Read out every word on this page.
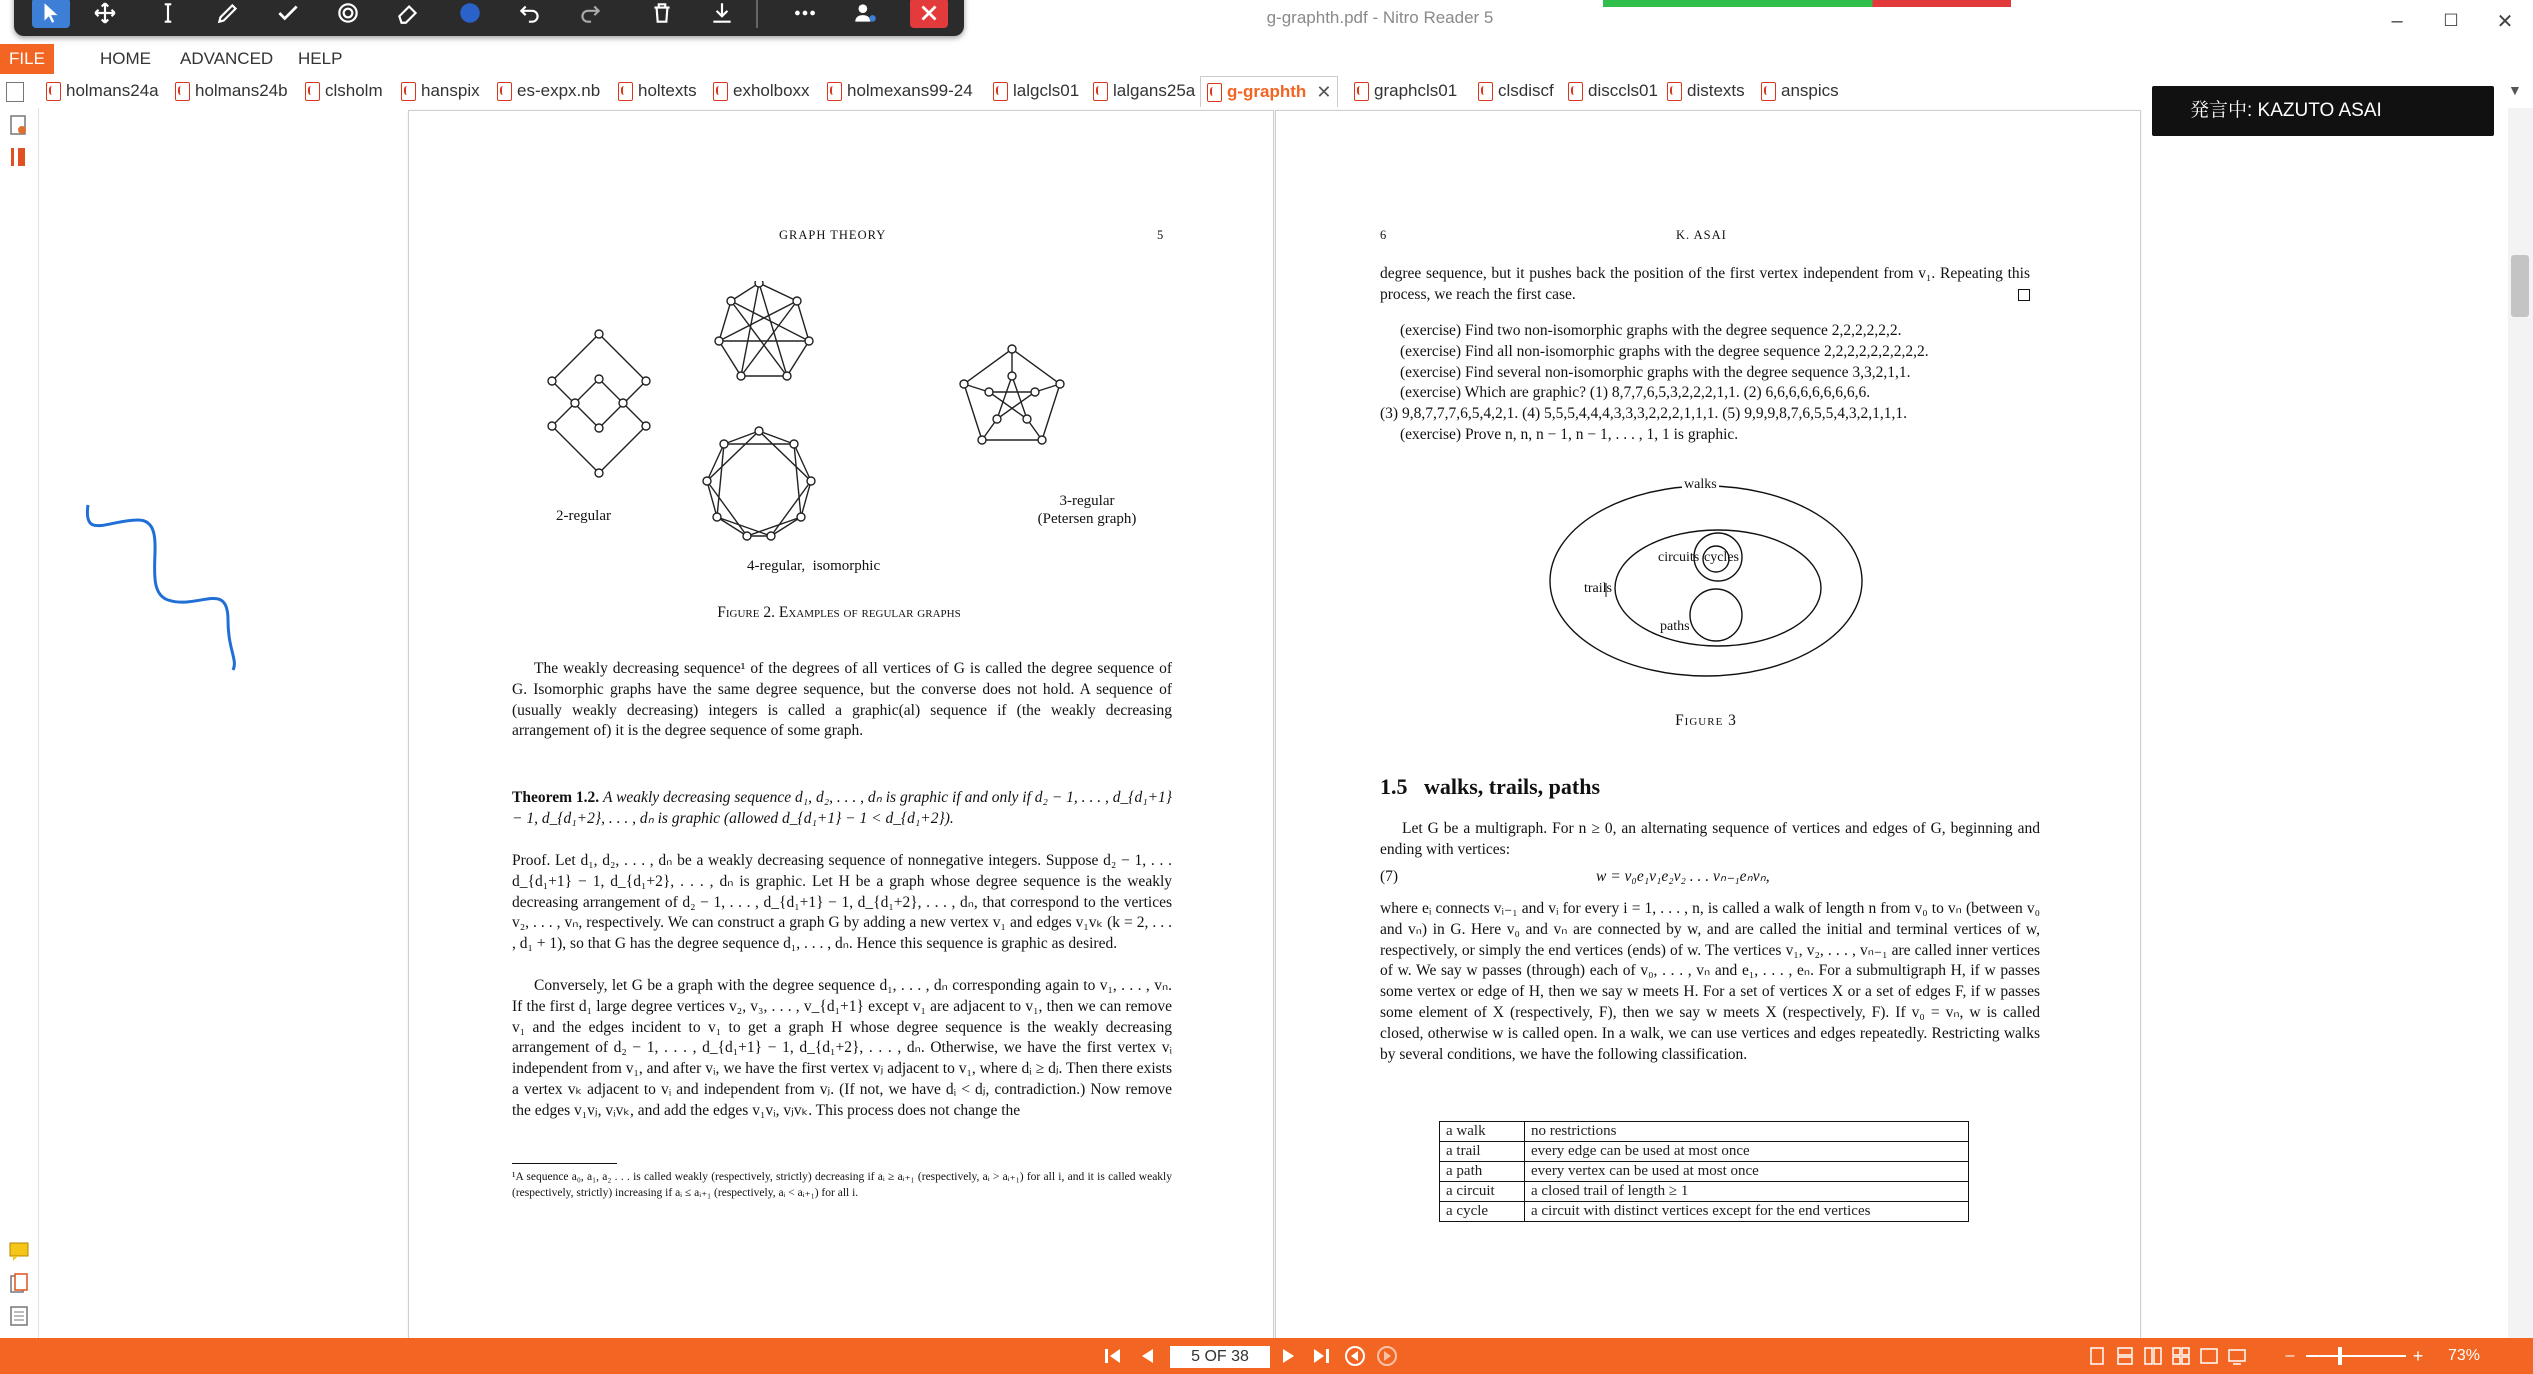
g-graphth.pdf - Nitro Reader 5	–	☐	✕
FILE	HOME	ADVANCED	HELP
holmans24a holmans24b clsholm hanspix es-expx.nb holtexts exholboxx holmexans99-24 lalgcls01 lalgans25a g-graphth ✕	graphcls01 clsdiscf disccls01 distexts anspics	▼
GRAPH THEORY	5
2-regular
4-regular,  isomorphic
3-regular
(Petersen graph)
Figure 2. Examples of regular graphs
The weakly decreasing sequence¹ of the degrees of all vertices of G is called the degree sequence of G. Isomorphic graphs have the same degree sequence, but the converse does not hold. A sequence of (usually weakly decreasing) integers is called a graphic(al) sequence if (the weakly decreasing arrangement of) it is the degree sequence of some graph.
Theorem 1.2. A weakly decreasing sequence d₁, d₂, . . . , dₙ is graphic if and only if d₂ − 1, . . . , d_{d₁+1} − 1, d_{d₁+2}, . . . , dₙ is graphic (allowed d_{d₁+1} − 1 < d_{d₁+2}).
Proof. Let d₁, d₂, . . . , dₙ be a weakly decreasing sequence of nonnegative integers. Suppose d₂ − 1, . . . d_{d₁+1} − 1, d_{d₁+2}, . . . , dₙ is graphic. Let H be a graph whose degree sequence is the weakly decreasing arrangement of d₂ − 1, . . . , d_{d₁+1} − 1, d_{d₁+2}, . . . , dₙ, that correspond to the vertices v₂, . . . , vₙ, respectively. We can construct a graph G by adding a new vertex v₁ and edges v₁vₖ (k = 2, . . . , d₁ + 1), so that G has the degree sequence d₁, . . . , dₙ. Hence this sequence is graphic as desired.
Conversely, let G be a graph with the degree sequence d₁, . . . , dₙ corresponding again to v₁, . . . , vₙ. If the first d₁ large degree vertices v₂, v₃, . . . , v_{d₁+1} except v₁ are adjacent to v₁, then we can remove v₁ and the edges incident to v₁ to get a graph H whose degree sequence is the weakly decreasing arrangement of d₂ − 1, . . . , d_{d₁+1} − 1, d_{d₁+2}, . . . , dₙ. Otherwise, we have the first vertex vᵢ independent from v₁, and after vᵢ, we have the first vertex vⱼ adjacent to v₁, where dᵢ ≥ dⱼ. Then there exists a vertex vₖ adjacent to vᵢ and independent from vⱼ. (If not, we have dᵢ < dⱼ, contradiction.) Now remove the edges v₁vⱼ, vᵢvₖ, and add the edges v₁vᵢ, vⱼvₖ. This process does not change the
¹A sequence a₀, a₁, a₂ . . . is called weakly (respectively, strictly) decreasing if aᵢ ≥ aᵢ₊₁ (respectively, aᵢ > aᵢ₊₁) for all i, and it is called weakly (respectively, strictly) increasing if aᵢ ≤ aᵢ₊₁ (respectively, aᵢ < aᵢ₊₁) for all i.
6	K. ASAI
degree sequence, but it pushes back the position of the first vertex independent from v₁. Repeating this process, we reach the first case.
(exercise) Find two non-isomorphic graphs with the degree sequence 2,2,2,2,2,2.
(exercise) Find all non-isomorphic graphs with the degree sequence 2,2,2,2,2,2,2,2,2.
(exercise) Find several non-isomorphic graphs with the degree sequence 3,3,2,1,1.
(exercise) Which are graphic? (1) 8,7,7,6,5,3,2,2,2,1,1. (2) 6,6,6,6,6,6,6,6,6.
(3) 9,8,7,7,7,6,5,4,2,1. (4) 5,5,5,4,4,4,3,3,3,2,2,2,1,1,1. (5) 9,9,9,8,7,6,5,5,4,3,2,1,1,1.
(exercise) Prove n, n, n − 1, n − 1, . . . , 1, 1 is graphic.
walks
circuits cycles
trails
paths
Figure 3
1.5   walks, trails, paths
Let G be a multigraph. For n ≥ 0, an alternating sequence of vertices and edges of G, beginning and ending with vertices:
(7)	w = v₀e₁v₁e₂v₂ . . . vₙ₋₁eₙvₙ,
where eᵢ connects vᵢ₋₁ and vᵢ for every i = 1, . . . , n, is called a walk of length n from v₀ to vₙ (between v₀ and vₙ) in G. Here v₀ and vₙ are connected by w, and are called the initial and terminal vertices of w, respectively, or simply the end vertices (ends) of w. The vertices v₁, v₂, . . . , vₙ₋₁ are called inner vertices of w. We say w passes (through) each of v₀, . . . , vₙ and e₁, . . . , eₙ. For a submultigraph H, if w passes some vertex or edge of H, then we say w meets H. For a set of vertices X or a set of edges F, if w passes some element of X (respectively, F), then we say w meets X (respectively, F). If v₀ = vₙ, w is called closed, otherwise w is called open. In a walk, we can use vertices and edges repeatedly. Restricting walks by several conditions, we have the following classification.
a walk	no restrictions
a trail	every edge can be used at most once
a path	every vertex can be used at most once
a circuit	a closed trail of length ≥ 1
a cycle	a circuit with distinct vertices except for the end vertices
発言中: KAZUTO ASAI
–	+
5 OF 38	73%
